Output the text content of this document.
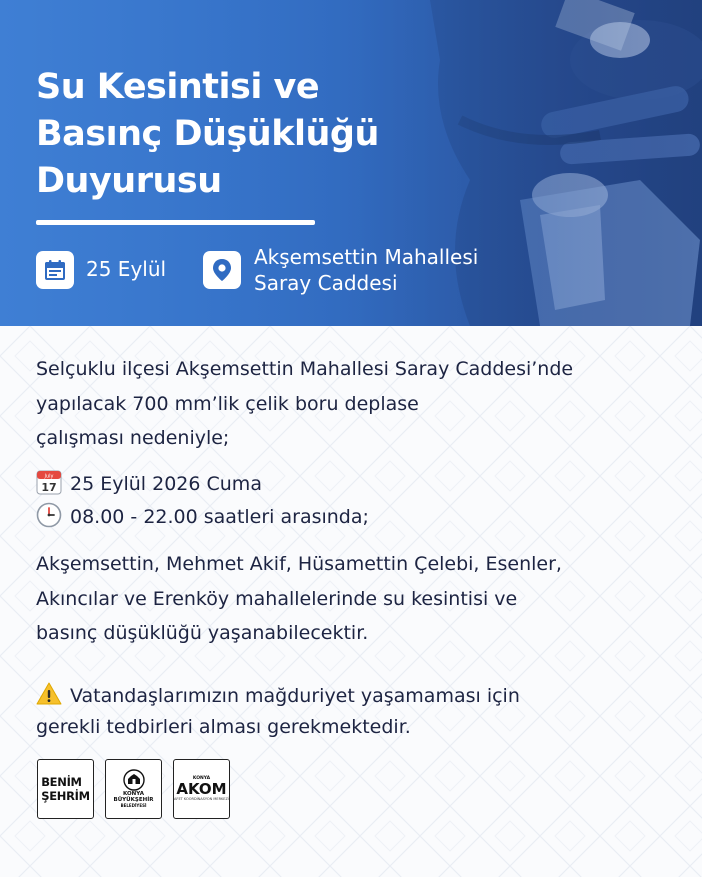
Su Kesintisi ve
Basınç Düşüklüğü
Duyurusu
25 Eylül	Akşemsettin Mahallesi
Saray Caddesi
Selçuklu ilçesi Akşemsettin Mahallesi Saray Caddesi’nde
yapılacak 700 mm’lik çelik boru deplase
çalışması nedeniyle;
July
17 25 Eylül 2026 Cuma
08.00 - 22.00 saatleri arasında;
Akşemsettin, Mehmet Akif, Hüsamettin Çelebi, Esenler,
Akıncılar ve Erenköy mahallelerinde su kesintisi ve
basınç düşüklüğü yaşanabilecektir.
Vatandaşlarımızın mağduriyet yaşamaması için
gerekli tedbirleri alması gerekmektedir.
BENİM
ŞEHRİM	KONYA
BÜYÜKŞEHİR
BELEDİYESİ
KONYA
AKOM
AFET KOORDİNASYON MERKEZİ
